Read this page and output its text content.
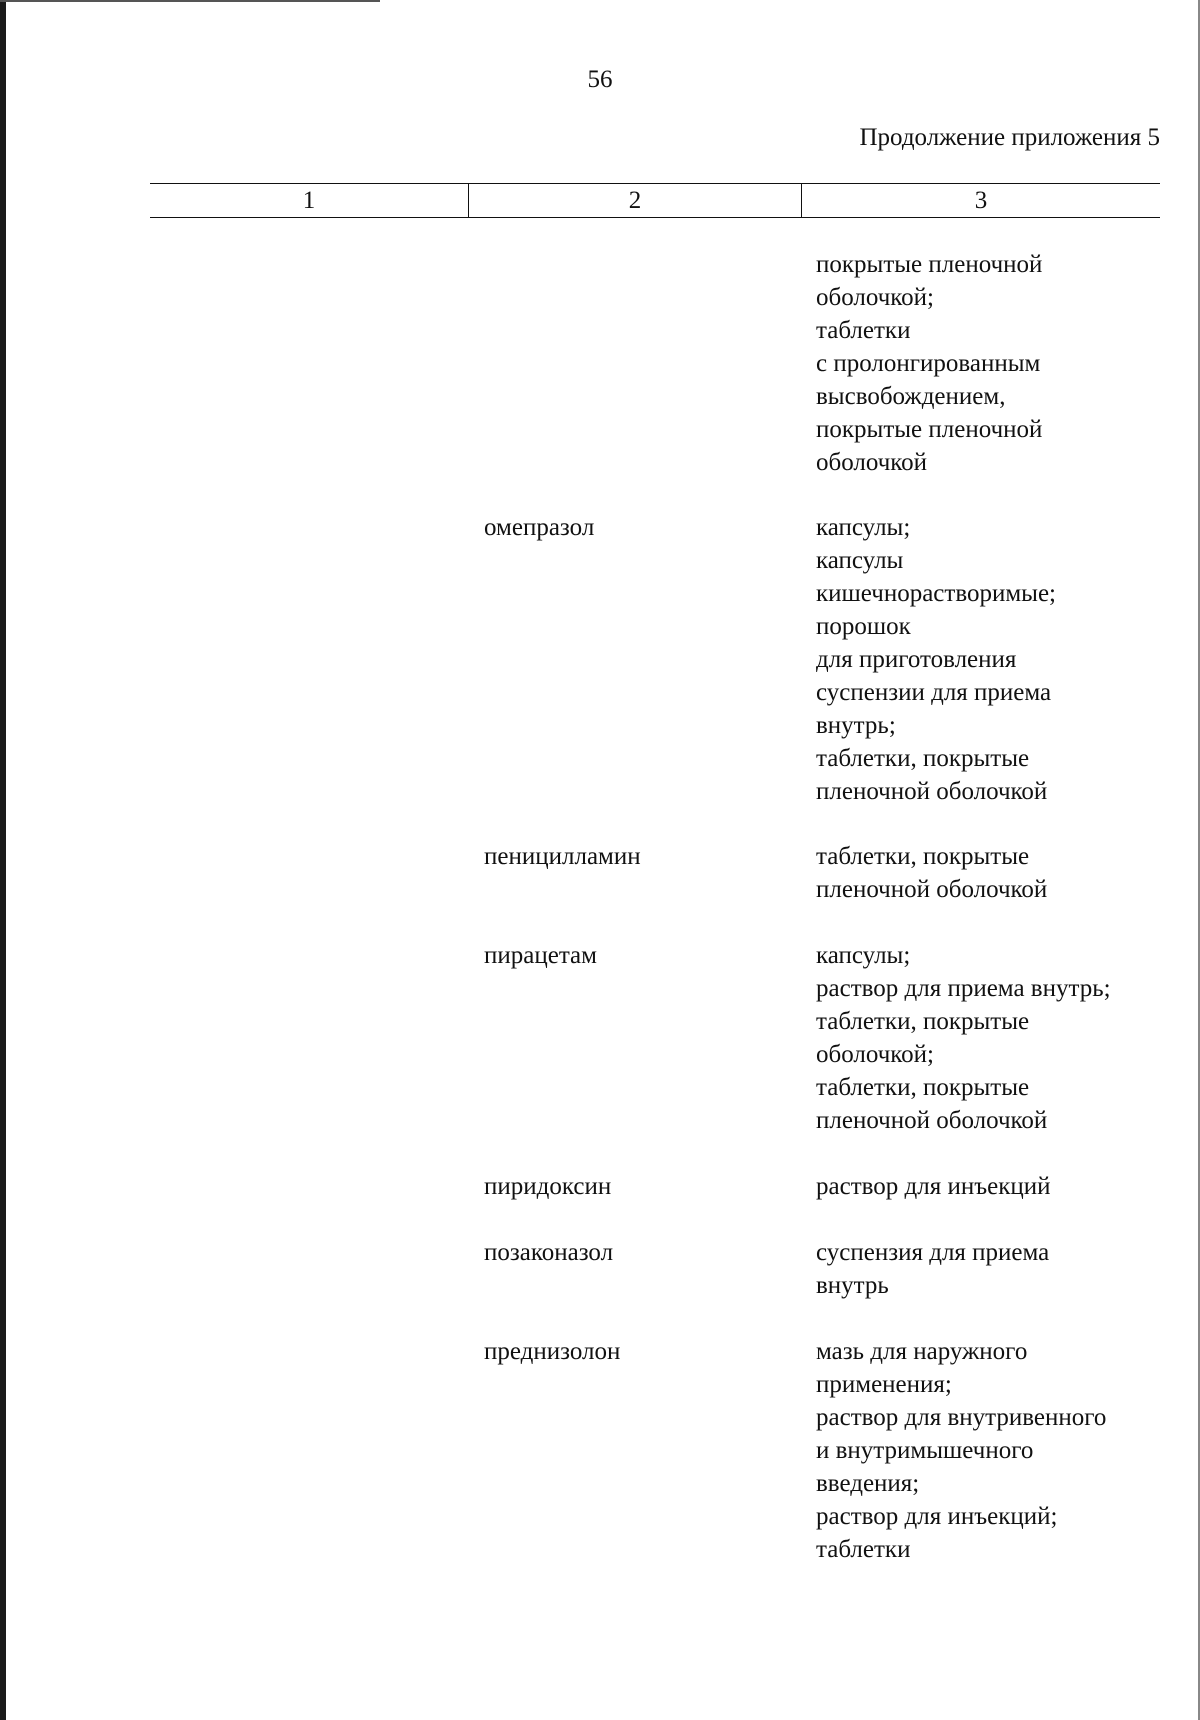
56
Продолжение приложения 5
1	2	3
покрытые пленочной
оболочкой;
таблетки
с пролонгированным
высвобождением,
покрытые пленочной
оболочкой
омепразол	капсулы;
капсулы
кишечнорастворимые;
порошок
для приготовления
суспензии для приема
внутрь;
таблетки, покрытые
пленочной оболочкой
пеницилламин	таблетки, покрытые
пленочной оболочкой
пирацетам	капсулы;
раствор для приема внутрь;
таблетки, покрытые
оболочкой;
таблетки, покрытые
пленочной оболочкой
пиридоксин	раствор для инъекций
позаконазол	суспензия для приема
внутрь
преднизолон	мазь для наружного
применения;
раствор для внутривенного
и внутримышечного
введения;
раствор для инъекций;
таблетки
